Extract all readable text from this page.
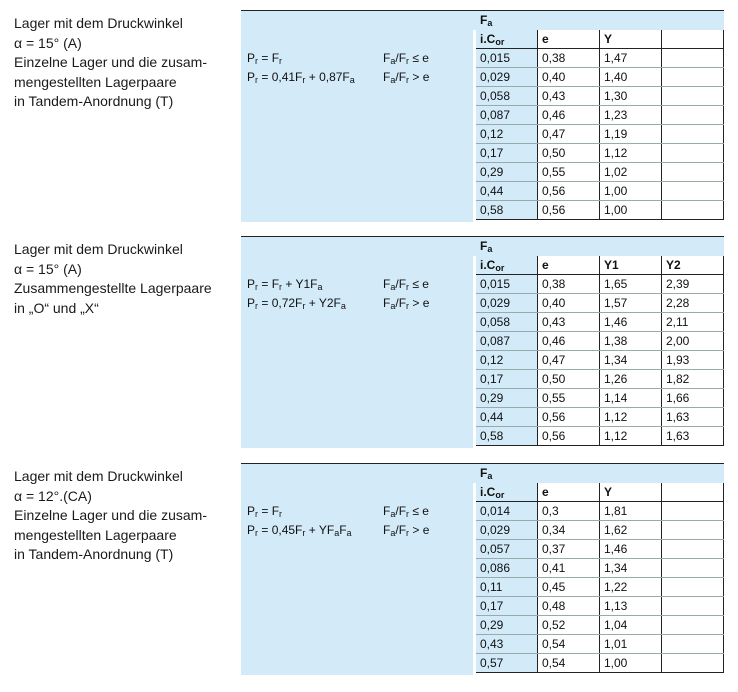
Lager mit dem Druckwinkel
α = 15° (A)
Einzelne Lager und die zusam-
mengestellten Lagerpaare
in Tandem-Anordnung (T)
$P_r = F_r$	$F_a/F_r \le e$
$P_r = 0,41F_r + 0,87F_a$ $F_a/F_r > e$
$F_a$
$i.C_{or}$	e	Y	
0,015	0,38	1,47	
0,029	0,40	1,40	
0,058	0,43	1,30	
0,087	0,46	1,23	
0,12	0,47	1,19	
0,17	0,50	1,12	
0,29	0,55	1,02	
0,44	0,56	1,00	
0,58	0,56	1,00	
Lager mit dem Druckwinkel
α = 15° (A)
Zusammengestellte Lagerpaare
in „O“ und „X“
$P_r = F_r + Y1F_a$	$F_a/F_r \le e$
$P_r = 0,72F_r + Y2F_a$	$F_a/F_r > e$
$F_a$
$i.C_{or}$	e	Y1	Y2
0,015	0,38	1,65	2,39
0,029	0,40	1,57	2,28
0,058	0,43	1,46	2,11
0,087	0,46	1,38	2,00
0,12	0,47	1,34	1,93
0,17	0,50	1,26	1,82
0,29	0,55	1,14	1,66
0,44	0,56	1,12	1,63
0,58	0,56	1,12	1,63
Lager mit dem Druckwinkel
α = 12°.(CA)
Einzelne Lager und die zusam-
mengestellten Lagerpaare
in Tandem-Anordnung (T)
$P_r = F_r$	$F_a/F_r \le e$
$P_r = 0,45F_r + YF_aF_a$	$F_a/F_r > e$
$F_a$
$i.C_{or}$	e	Y	
0,014	0,3	1,81	
0,029	0,34	1,62	
0,057	0,37	1,46	
0,086	0,41	1,34	
0,11	0,45	1,22	
0,17	0,48	1,13	
0,29	0,52	1,04	
0,43	0,54	1,01	
0,57	0,54	1,00	
